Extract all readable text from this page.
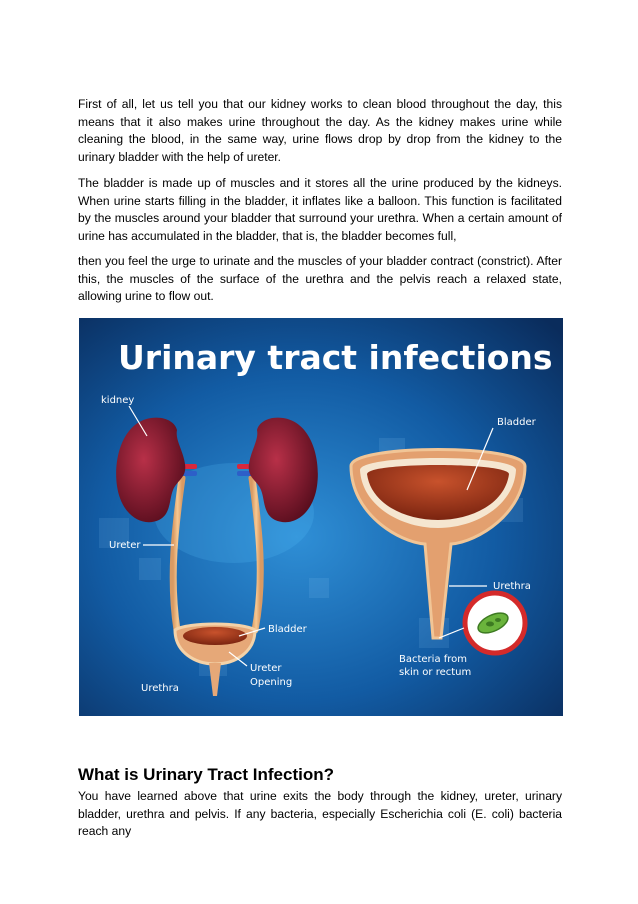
First of all, let us tell you that our kidney works to clean blood throughout the day, this means that it also makes urine throughout the day. As the kidney makes urine while cleaning the blood, in the same way, urine flows drop by drop from the kidney to the urinary bladder with the help of ureter.

The bladder is made up of muscles and it stores all the urine produced by the kidneys. When urine starts filling in the bladder, it inflates like a balloon. This function is facilitated by the muscles around your bladder that surround your urethra. When a certain amount of urine has accumulated in the bladder, that is, the bladder becomes full,

then you feel the urge to urinate and the muscles of your bladder contract (constrict). After this, the muscles of the surface of the urethra and the pelvis reach a relaxed state, allowing urine to flow out.

Urinary tract infections
kidney
Ureter
Bladder
Ureter
Opening
Urethra
Bladder
Urethra
Bacteria from
skin or rectum
What is Urinary Tract Infection?

You have learned above that urine exits the body through the kidney, ureter, urinary bladder, urethra and pelvis. If any bacteria, especially Escherichia coli (E. coli) bacteria reach any
